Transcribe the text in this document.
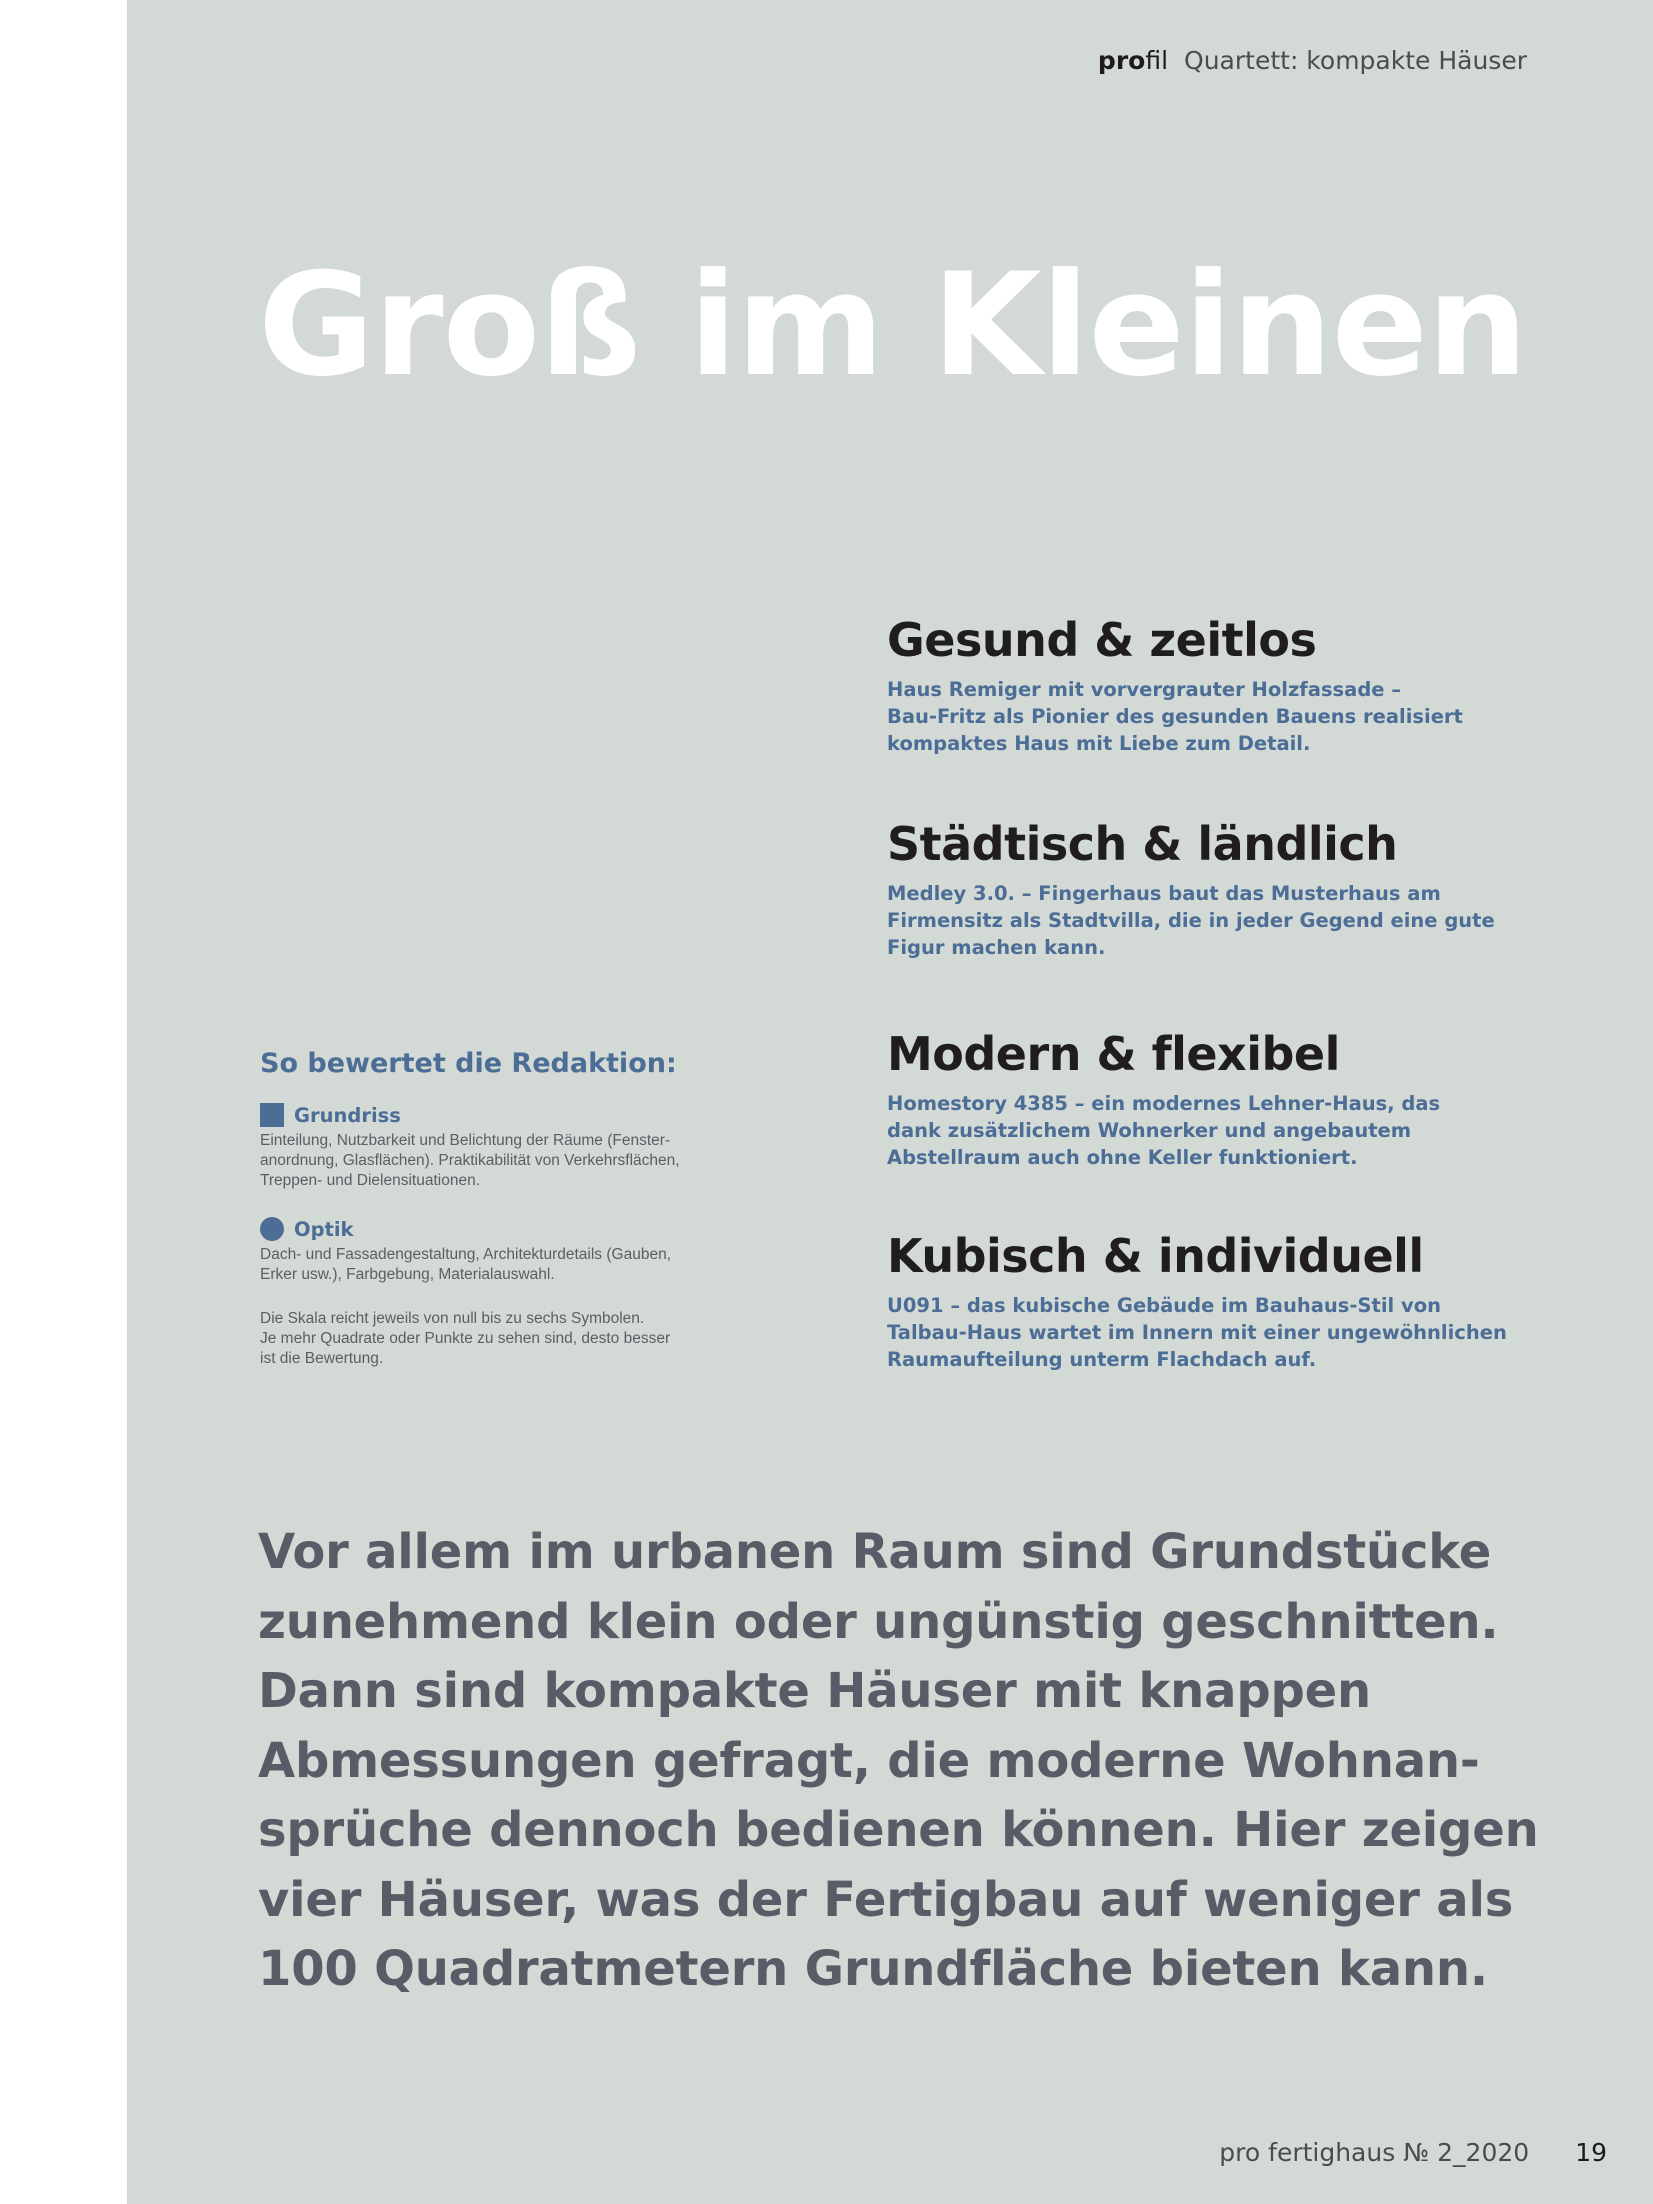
profil Quartett: kompakte Häuser
Groß im Kleinen
Gesund & zeitlos

Haus Remiger mit vorvergrauter Holzfassade –
Bau-Fritz als Pionier des gesunden Bauens realisiert
kompaktes Haus mit Liebe zum Detail.

Städtisch & ländlich

Medley 3.0. – Fingerhaus baut das Musterhaus am
Firmensitz als Stadtvilla, die in jeder Gegend eine gute
Figur machen kann.

Modern & flexibel

Homestory 4385 – ein modernes Lehner-Haus, das
dank zusätzlichem Wohnerker und angebautem
Abstellraum auch ohne Keller funktioniert.

Kubisch & individuell

U091 – das kubische Gebäude im Bauhaus-Stil von
Talbau-Haus wartet im Innern mit einer ungewöhnlichen
Raumaufteilung unterm Flachdach auf.

So bewertet die Redaktion:
Grundriss

Einteilung, Nutzbarkeit und Belichtung der Räume (Fenster-
anordnung, Glasflächen). Praktikabilität von Verkehrsflächen,
Treppen- und Dielensituationen.

Optik

Dach- und Fassadengestaltung, Architekturdetails (Gauben,
Erker usw.), Farbgebung, Materialauswahl.

Die Skala reicht jeweils von null bis zu sechs Symbolen.
Je mehr Quadrate oder Punkte zu sehen sind, desto besser
ist die Bewertung.

Vor allem im urbanen Raum sind Grundstücke
zunehmend klein oder ungünstig geschnitten.
Dann sind kompakte Häuser mit knappen
Abmessungen gefragt, die moderne Wohnan-
sprüche dennoch bedienen können. Hier zeigen
vier Häuser, was der Fertigbau auf weniger als
100 Quadratmetern Grundfläche bieten kann.

pro fertighaus № 2_2020 19
